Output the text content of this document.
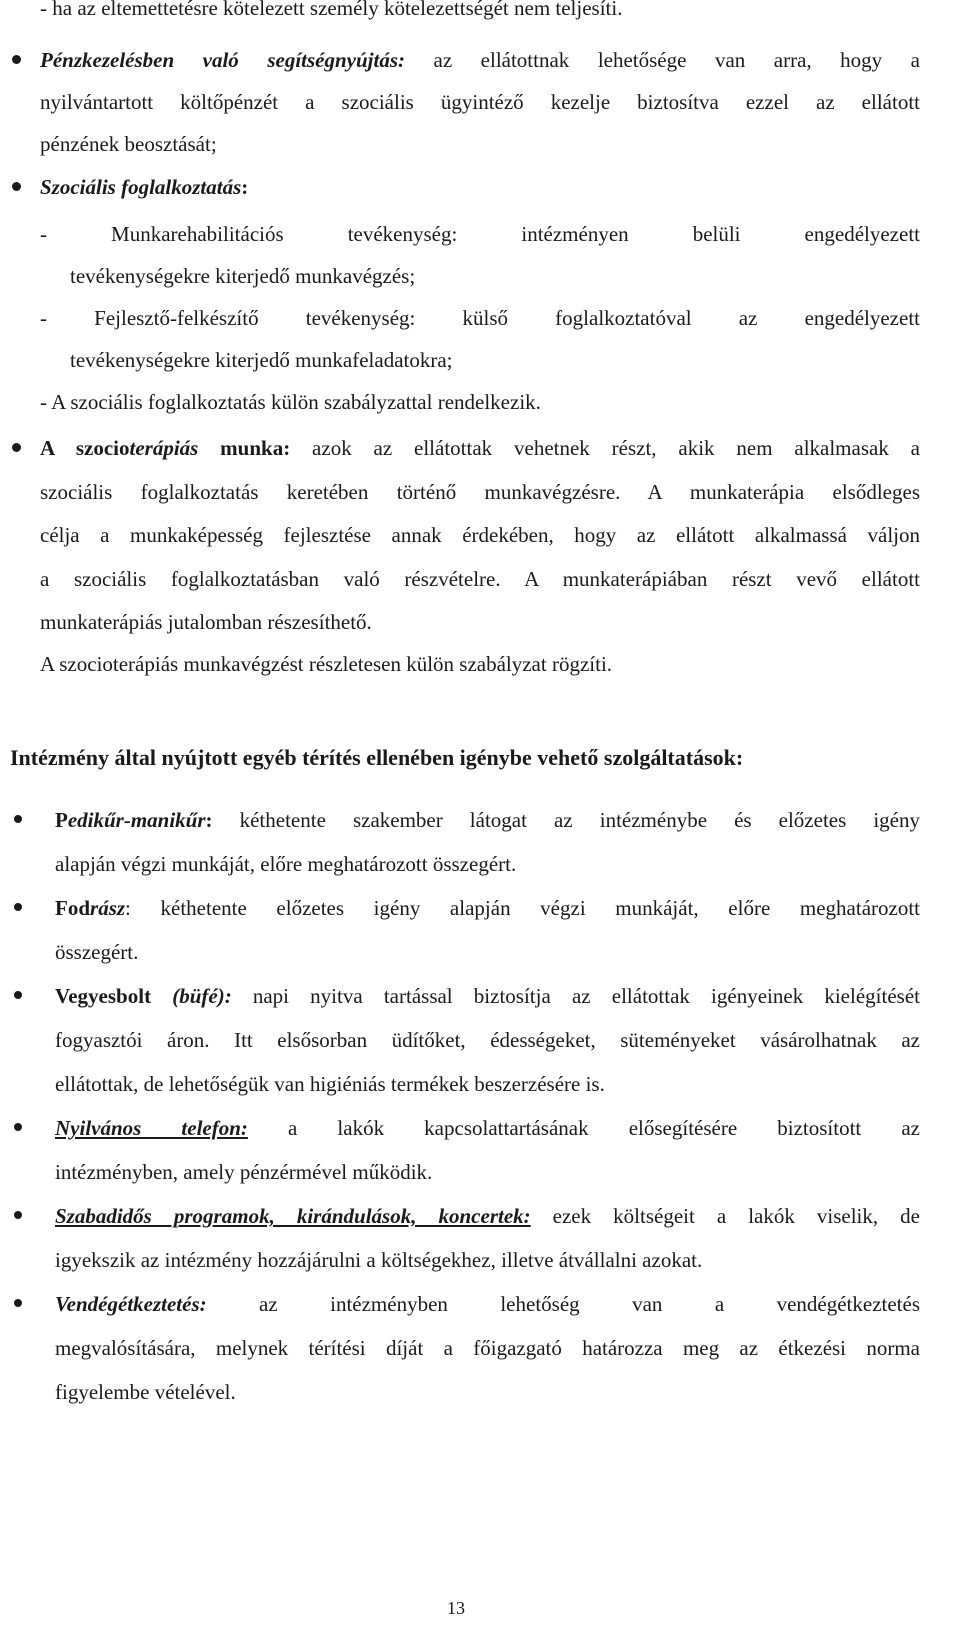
- ha az eltemettetésre kötelezett személy kötelezettségét nem teljesíti.
Pénzkezelésben való segítségnyújtás: az ellátottnak lehetősége van arra, hogy a
nyilvántartott költőpénzét a szociális ügyintéző kezelje biztosítva ezzel az ellátott
pénzének beosztását;
Szociális foglalkoztatás:
- Munkarehabilitációs tevékenység: intézményen belüli engedélyezett
tevékenységekre kiterjedő munkavégzés;
- Fejlesztő-felkészítő tevékenység: külső foglalkoztatóval az engedélyezett
tevékenységekre kiterjedő munkafeladatokra;
- A szociális foglalkoztatás külön szabályzattal rendelkezik.
A szocioterápiás munka: azok az ellátottak vehetnek részt, akik nem alkalmasak a
szociális foglalkoztatás keretében történő munkavégzésre. A munkaterápia elsődleges
célja a munkaképesség fejlesztése annak érdekében, hogy az ellátott alkalmassá váljon
a szociális foglalkoztatásban való részvételre. A munkaterápiában részt vevő ellátott
munkaterápiás jutalomban részesíthető.
A szocioterápiás munkavégzést részletesen külön szabályzat rögzíti.
Intézmény által nyújtott egyéb térítés ellenében igénybe vehető szolgáltatások:
Pedikűr-manikűr: kéthetente szakember látogat az intézménybe és előzetes igény
alapján végzi munkáját, előre meghatározott összegért.
Fodrász: kéthetente előzetes igény alapján végzi munkáját, előre meghatározott
összegért.
Vegyesbolt (büfé): napi nyitva tartással biztosítja az ellátottak igényeinek kielégítését
fogyasztói áron. Itt elsősorban üdítőket, édességeket, süteményeket vásárolhatnak az
ellátottak, de lehetőségük van higiéniás termékek beszerzésére is.
Nyilvános telefon: a lakók kapcsolattartásának elősegítésére biztosított az
intézményben, amely pénzérmével működik.
Szabadidős programok, kirándulások, koncertek: ezek költségeit a lakók viselik, de
igyekszik az intézmény hozzájárulni a költségekhez, illetve átvállalni azokat.
Vendégétkeztetés: az intézményben lehetőség van a vendégétkeztetés
megvalósítására, melynek térítési díját a főigazgató határozza meg az étkezési norma
figyelembe vételével.
13
